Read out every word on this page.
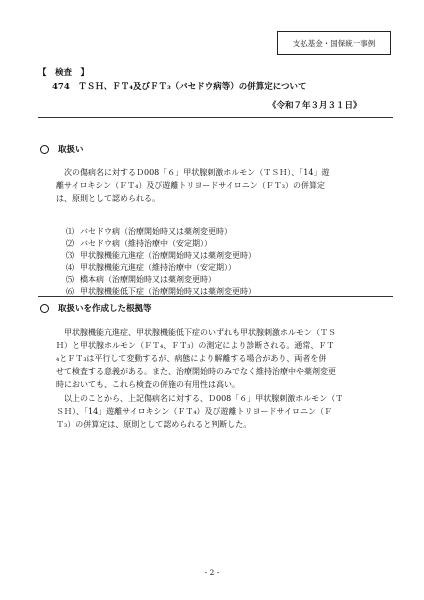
支払基金・国保統一事例
【　検査　】
474　ＴＳＨ、ＦＴ₄及びＦＴ₃（バセドウ病等）の併算定について
《令和７年３月３１日》
取扱い
　次の傷病名に対するＤ008「６」甲状腺刺激ホルモン（ＴＳＨ）、「14」遊
離サイロキシン（ＦＴ₄）及び遊離トリヨードサイロニン（ＦＴ₃）の併算定
は、原則として認められる。
⑴ バセドウ病（治療開始時又は薬剤変更時）
⑵ バセドウ病（維持治療中（安定期））
⑶ 甲状腺機能亢進症（治療開始時又は薬剤変更時）
⑷ 甲状腺機能亢進症（維持治療中（安定期））
⑸ 橋本病（治療開始時又は薬剤変更時）
⑹ 甲状腺機能低下症（治療開始時又は薬剤変更時）
取扱いを作成した根拠等
　甲状腺機能亢進症、甲状腺機能低下症のいずれも甲状腺刺激ホルモン（ＴＳ
Ｈ）と甲状腺ホルモン（ＦＴ₄、ＦＴ₃）の測定により診断される。通常、ＦＴ
₄とＦＴ₃は平行して変動するが、病態により解離する場合があり、両者を併
せて検査する意義がある。また、治療開始時のみでなく維持治療中や薬剤変更
時においても、これら検査の併施の有用性は高い。
　以上のことから、上記傷病名に対する、Ｄ008「６」甲状腺刺激ホルモン（Ｔ
ＳＨ）、「14」遊離サイロキシン（ＦＴ₄）及び遊離トリヨードサイロニン（Ｆ
Ｔ₃）の併算定は、原則として認められると判断した。
- 2 -
